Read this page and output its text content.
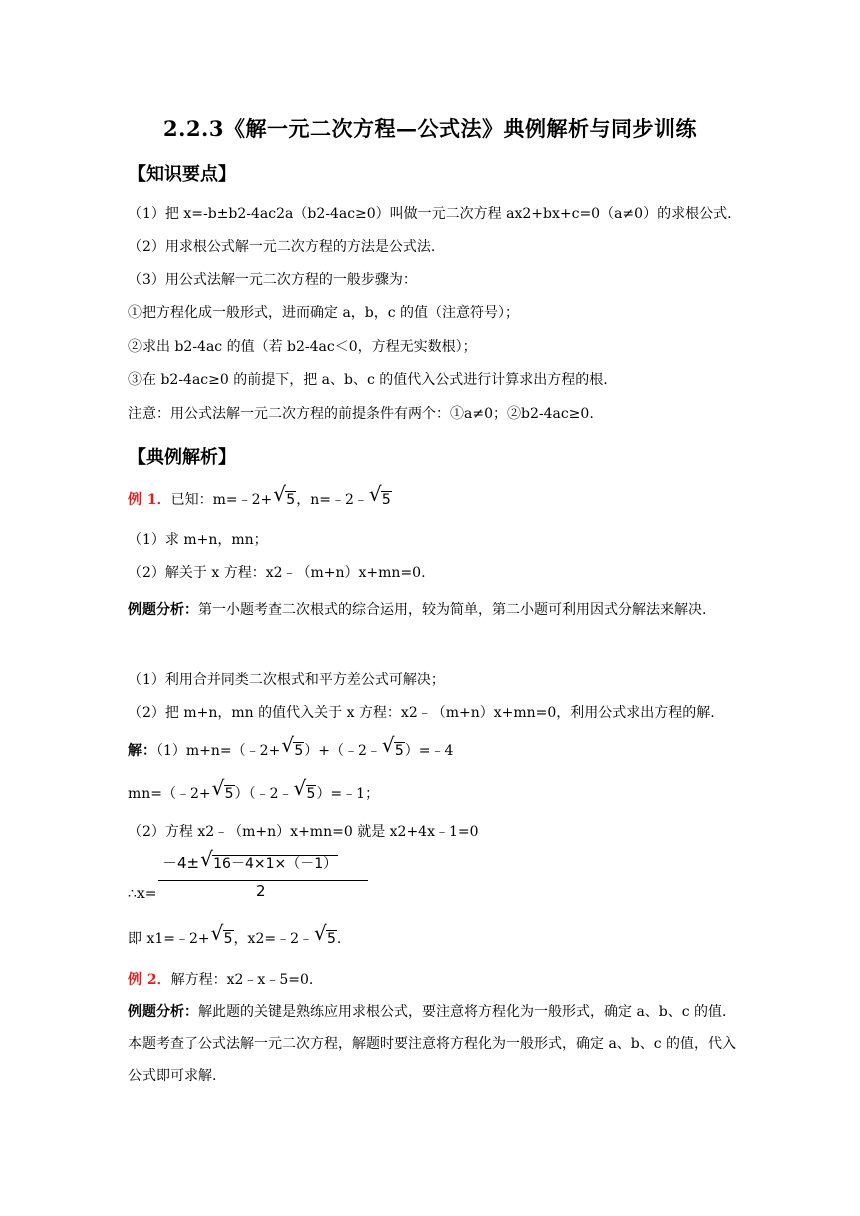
2.2.3《解一元二次方程—公式法》典例解析与同步训练
【知识要点】
（1）把 x=-b±b2-4ac2a（b2-4ac≥0）叫做一元二次方程 ax2+bx+c=0（a≠0）的求根公式.
（2）用求根公式解一元二次方程的方法是公式法.
（3）用公式法解一元二次方程的一般步骤为：
①把方程化成一般形式，进而确定 a，b，c 的值（注意符号）；
②求出 b2-4ac 的值（若 b2-4ac＜0，方程无实数根）；
③在 b2-4ac≥0 的前提下，把 a、b、c 的值代入公式进行计算求出方程的根.
注意：用公式法解一元二次方程的前提条件有两个：①a≠0；②b2-4ac≥0.
【典例解析】
例 1．已知：m=﹣2+ √ 5，n=﹣2﹣ √ 5
（1）求 m+n，mn；
（2）解关于 x 方程：x2﹣（m+n）x+mn=0.
例题分析：第一小题考查二次根式的综合运用，较为简单，第二小题可利用因式分解法来解决.
（1）利用合并同类二次根式和平方差公式可解决；
（2）把 m+n，mn 的值代入关于 x 方程：x2﹣（m+n）x+mn=0，利用公式求出方程的解.
解：（1）m+n=（﹣2+ √ 5）+（﹣2﹣ √ 5）=﹣4
mn=（﹣2+ √ 5）（﹣2﹣ √ 5）=﹣1；
（2）方程 x2﹣（m+n）x+mn=0 就是 x2+4x﹣1=0
∴x=
－4± √ 16－4×1×（－1）
2
即 x1=﹣2+ √ 5，x2=﹣2﹣ √ 5.
例 2．解方程：x2﹣x﹣5=0.
例题分析：解此题的关键是熟练应用求根公式，要注意将方程化为一般形式，确定 a、b、c 的值．本题考查了公式法解一元二次方程，解题时要注意将方程化为一般形式，确定 a、b、c 的值，代入公式即可求解.
